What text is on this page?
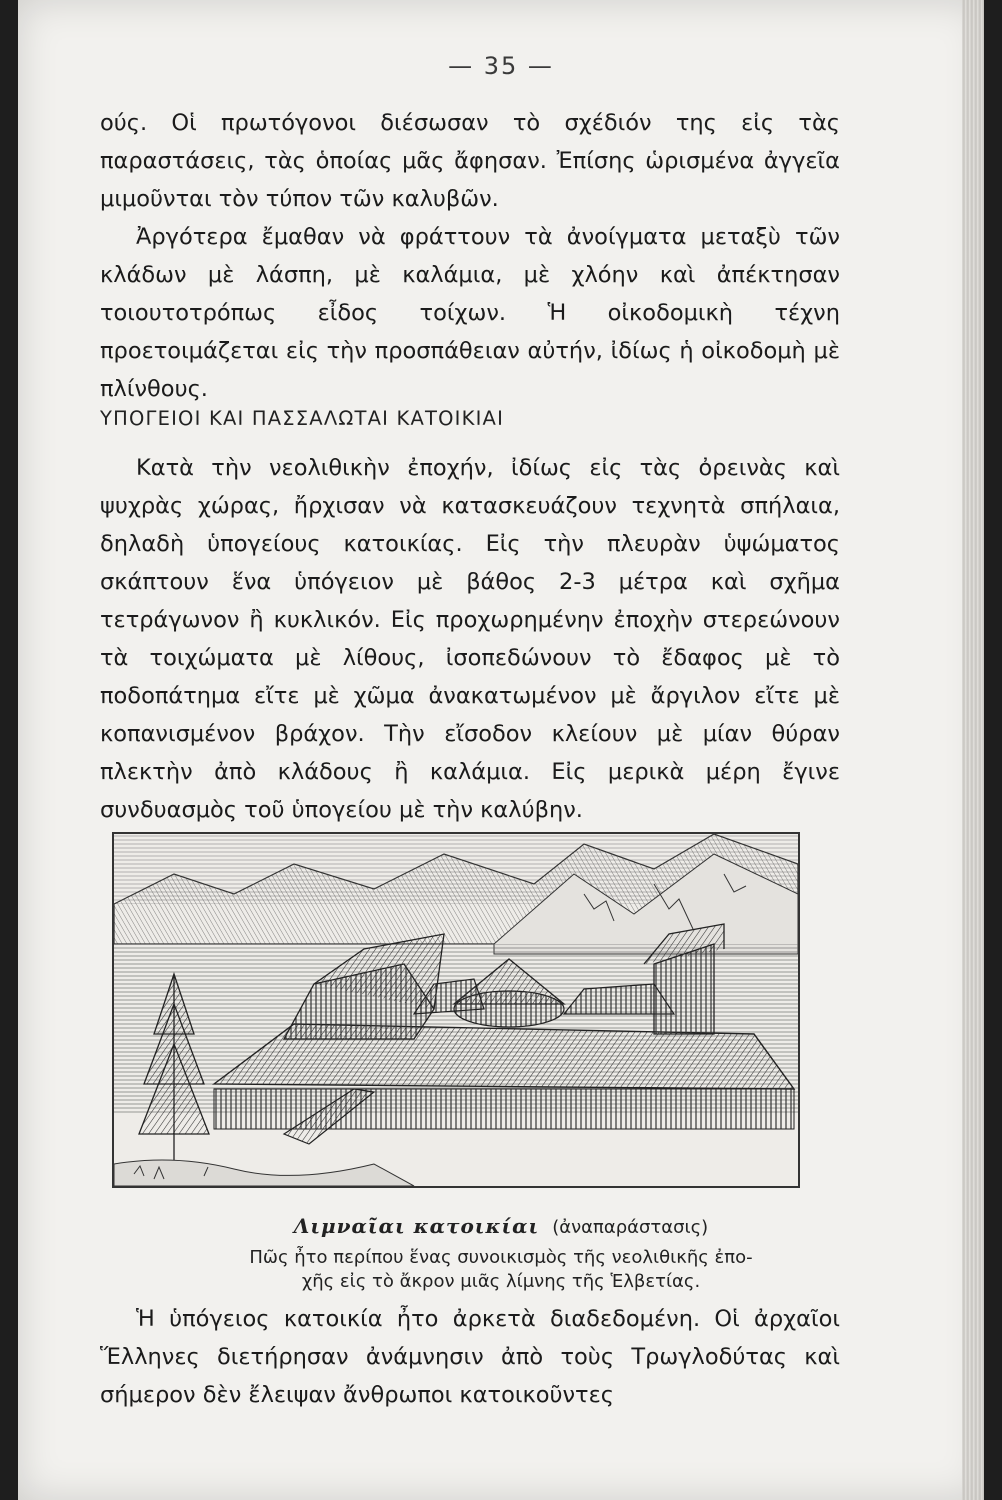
— 35 —

ούς. Οἱ πρωτόγονοι διέσωσαν τὸ σχέδιόν της εἰς τὰς παραστάσεις, τὰς ὁποίας μᾶς ἄφησαν. Ἐπίσης ὡρισμένα ἀγγεῖα μιμοῦνται τὸν τύπον τῶν καλυβῶν.

Ἀργότερα ἔμαθαν νὰ φράττουν τὰ ἀνοίγματα μεταξὺ τῶν κλάδων μὲ λάσπη, μὲ καλάμια, μὲ χλόην καὶ ἀπέκτησαν τοιουτοτρόπως εἶδος τοίχων. Ἡ οἰκοδομικὴ τέχνη προετοιμάζεται εἰς τὴν προσπάθειαν αὐτήν, ἰδίως ἡ οἰκοδομὴ μὲ πλίνθους.

ΥΠΟΓΕΙΟΙ ΚΑΙ ΠΑΣΣΑΛΩΤΑΙ ΚΑΤΟΙΚΙΑΙ

Κατὰ τὴν νεολιθικὴν ἐποχήν, ἰδίως εἰς τὰς ὀρεινὰς καὶ ψυχρὰς χώρας, ἤρχισαν νὰ κατασκευάζουν τεχνητὰ σπήλαια, δηλαδὴ ὑπογείους κατοικίας. Εἰς τὴν πλευρὰν ὑψώματος σκάπτουν ἕνα ὑπόγειον μὲ βάθος 2-3 μέτρα καὶ σχῆμα τετράγωνον ἢ κυκλικόν. Εἰς προχωρημένην ἐποχὴν στερεώνουν τὰ τοιχώματα μὲ λίθους, ἰσοπεδώνουν τὸ ἔδαφος μὲ τὸ ποδοπάτημα εἴτε μὲ χῶμα ἀνακατωμένον μὲ ἄργιλον εἴτε μὲ κοπανισμένον βράχον. Τὴν εἴσοδον κλείουν μὲ μίαν θύραν πλεκτὴν ἀπὸ κλάδους ἢ καλάμια. Εἰς μερικὰ μέρη ἔγινε συνδυασμὸς τοῦ ὑπογείου μὲ τὴν καλύβην.

Λιμναῖαι κατοικίαι (ἀναπαράστασις)
Πῶς ἦτο περίπου ἕνας συνοικισμὸς τῆς νεολιθικῆς ἐπο-
χῆς εἰς τὸ ἄκρον μιᾶς λίμνης τῆς Ἑλβετίας.

Ἡ ὑπόγειος κατοικία ἦτο ἀρκετὰ διαδεδομένη. Οἱ ἀρχαῖοι Ἕλληνες διετήρησαν ἀνάμνησιν ἀπὸ τοὺς Τρωγλοδύτας καὶ σήμερον δὲν ἔλειψαν ἄνθρωποι κατοικοῦντες
